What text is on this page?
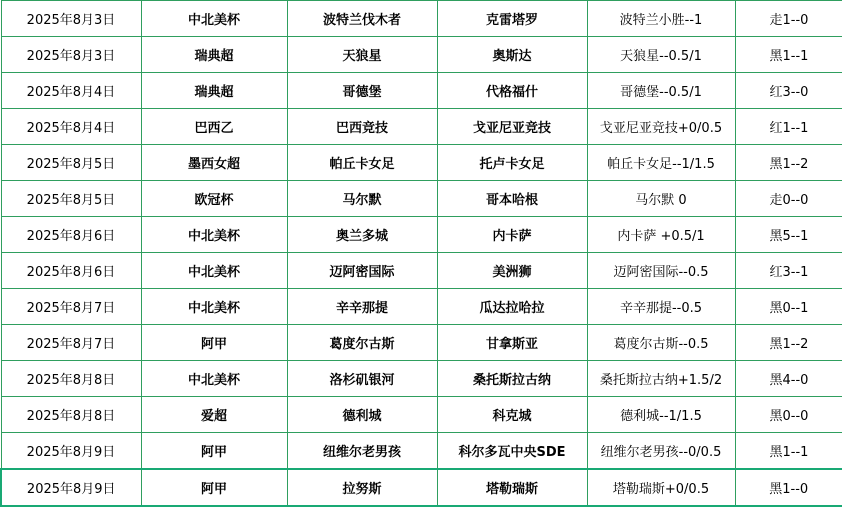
2025年8月3日	中北美杯	波特兰伐木者	克雷塔罗	波特兰小胜--1	走1--0
2025年8月3日	瑞典超	天狼星	奥斯达	天狼星--0.5/1	黑1--1
2025年8月4日	瑞典超	哥德堡	代格福什	哥德堡--0.5/1	红3--0
2025年8月4日	巴西乙	巴西竞技	戈亚尼亚竞技	戈亚尼亚竞技+0/0.5	红1--1
2025年8月5日	墨西女超	帕丘卡女足	托卢卡女足	帕丘卡女足--1/1.5	黑1--2
2025年8月5日	欧冠杯	马尔默	哥本哈根	马尔默 0	走0--0
2025年8月6日	中北美杯	奥兰多城	内卡萨	内卡萨 +0.5/1	黑5--1
2025年8月6日	中北美杯	迈阿密国际	美洲狮	迈阿密国际--0.5	红3--1
2025年8月7日	中北美杯	辛辛那提	瓜达拉哈拉	辛辛那提--0.5	黑0--1
2025年8月7日	阿甲	葛度尔古斯	甘拿斯亚	葛度尔古斯--0.5	黑1--2
2025年8月8日	中北美杯	洛杉矶银河	桑托斯拉古纳	桑托斯拉古纳+1.5/2	黑4--0
2025年8月8日	爱超	德利城	科克城	德利城--1/1.5	黑0--0
2025年8月9日	阿甲	纽维尔老男孩	科尔多瓦中央SDE	纽维尔老男孩--0/0.5	黑1--1
2025年8月9日	阿甲	拉努斯	塔勒瑞斯	塔勒瑞斯+0/0.5	黑1--0
